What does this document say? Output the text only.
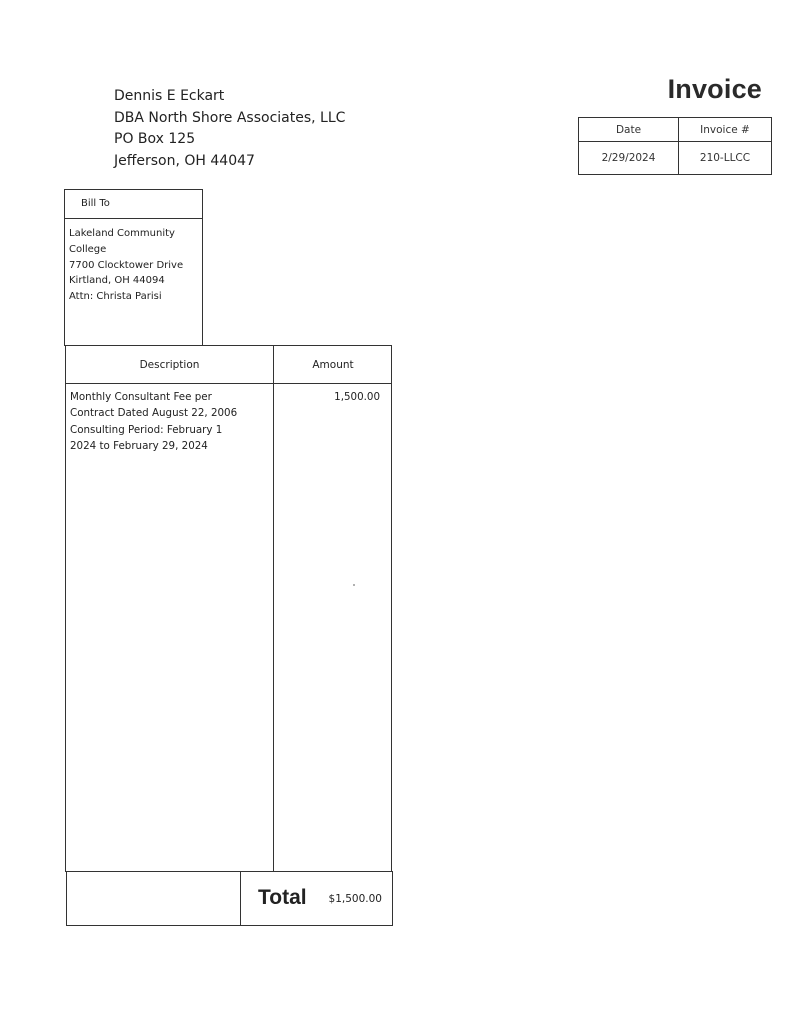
Dennis E Eckart
DBA North Shore Associates, LLC
PO Box 125
Jefferson, OH 44047
Invoice
Date	Invoice #
2/29/2024	210-LLCC
Bill To
Lakeland Community
College
7700 Clocktower Drive
Kirtland, OH 44094
Attn: Christa Parisi
Description	Amount
Monthly Consultant Fee per
Contract Dated August 22, 2006
Consulting Period: February 1
2024 to February 29, 2024
1,500.00
Total $1,500.00
